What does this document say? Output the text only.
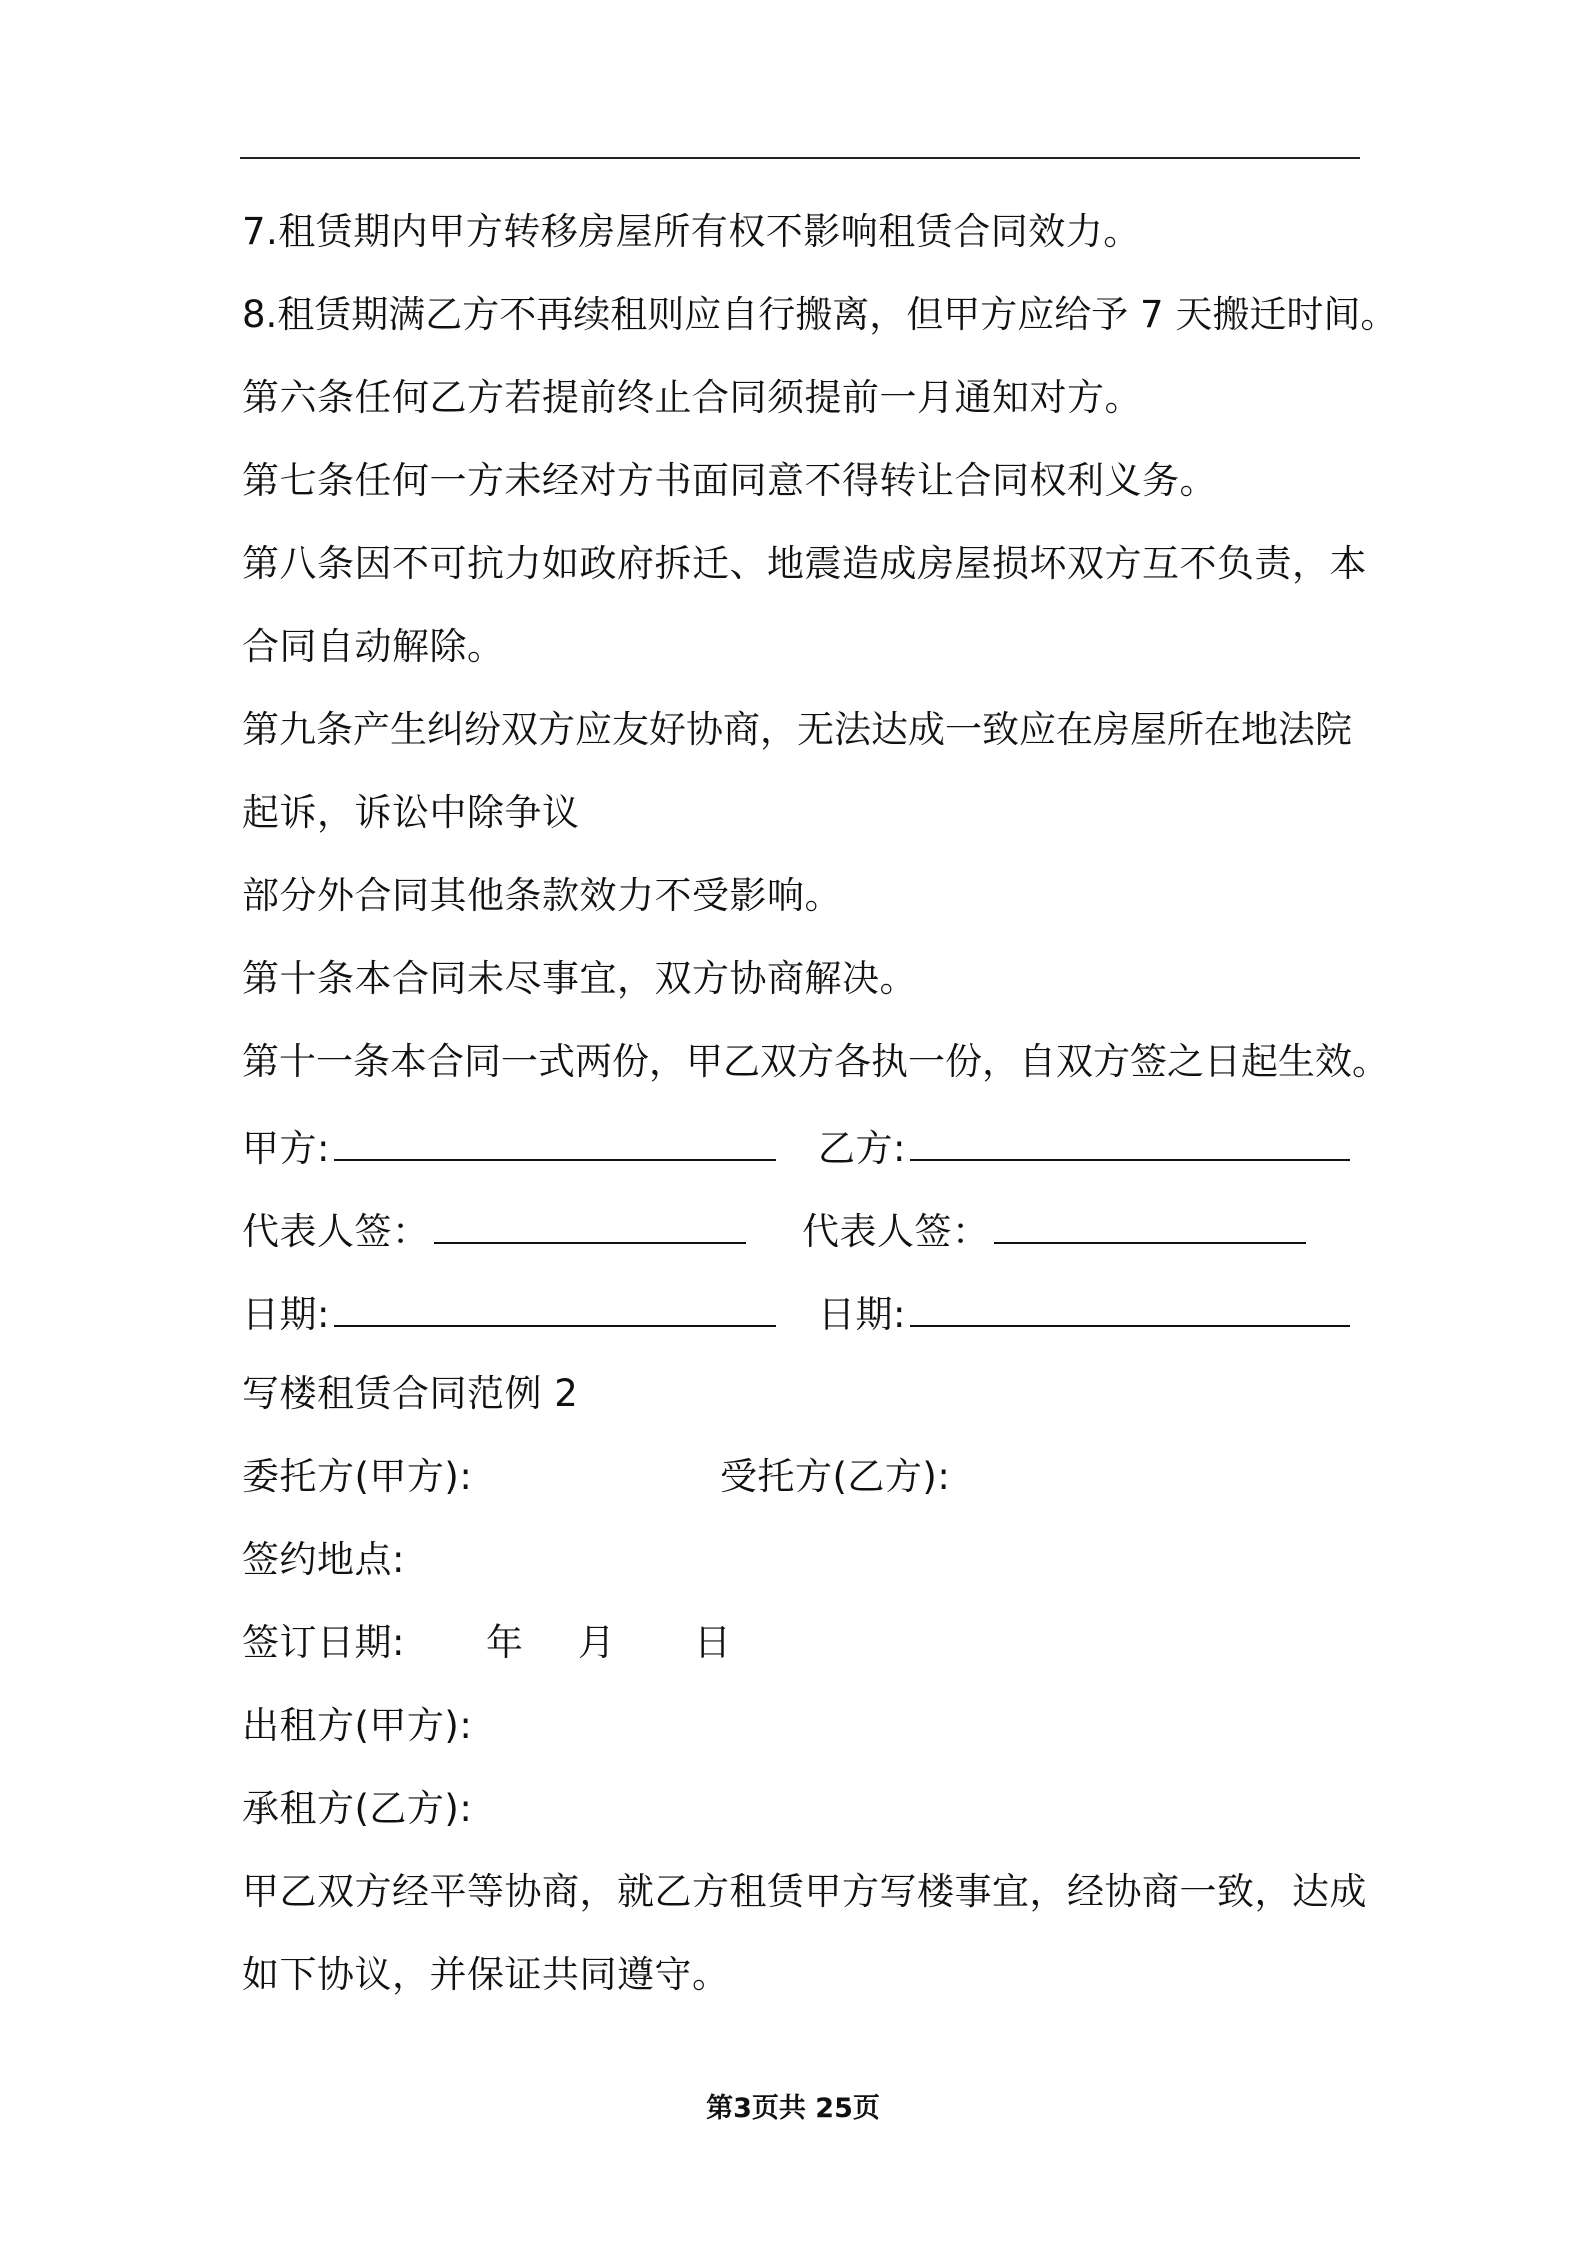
7.租赁期内甲方转移房屋所有权不影响租赁合同效力。
8.租赁期满乙方不再续租则应自行搬离，但甲方应给予 7 天搬迁时间。
第六条任何乙方若提前终止合同须提前一月通知对方。
第七条任何一方未经对方书面同意不得转让合同权利义务。
第八条因不可抗力如政府拆迁、地震造成房屋损坏双方互不负责，本
合同自动解除。
第九条产生纠纷双方应友好协商，无法达成一致应在房屋所在地法院
起诉，诉讼中除争议
部分外合同其他条款效力不受影响。
第十条本合同未尽事宜，双方协商解决。
第十一条本合同一式两份，甲乙双方各执一份，自双方签之日起生效。
甲方:	乙方:
代表人签：	代表人签：
日期:	日期:
写楼租赁合同范例 2
委托方(甲方):	受托方(乙方):
签约地点:
签订日期: 年 月 日
出租方(甲方):
承租方(乙方):
甲乙双方经平等协商，就乙方租赁甲方写楼事宜，经协商一致，达成
如下协议，并保证共同遵守。
第3页共 25页
